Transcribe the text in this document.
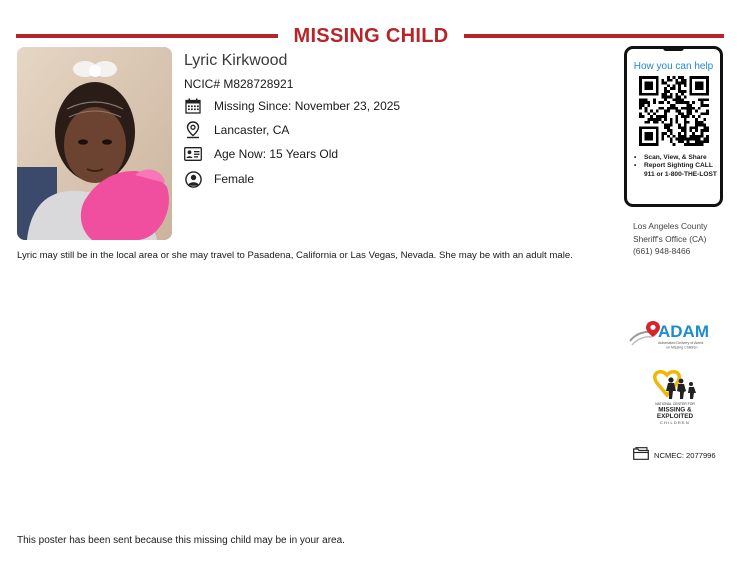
MISSING CHILD
Lyric Kirkwood
NCIC# M828728921
Missing Since: November 23, 2025
Lancaster, CA
Age Now: 15 Years Old
Female
Lyric may still be in the local area or she may travel to Pasadena, California or Las Vegas, Nevada. She may be with an adult male.
How you can help
• Scan, View, & Share
• Report Sighting CALL 911 or 1-800-THE-LOST
Los Angeles County
Sheriff's Office (CA)
(661) 948-8466
ADAM
Automated Delivery of Alerts
on Missing Children
NATIONAL CENTER FOR
MISSING &
EXPLOITED
CHILDREN
NCMEC: 2077996
This poster has been sent because this missing child may be in your area.
